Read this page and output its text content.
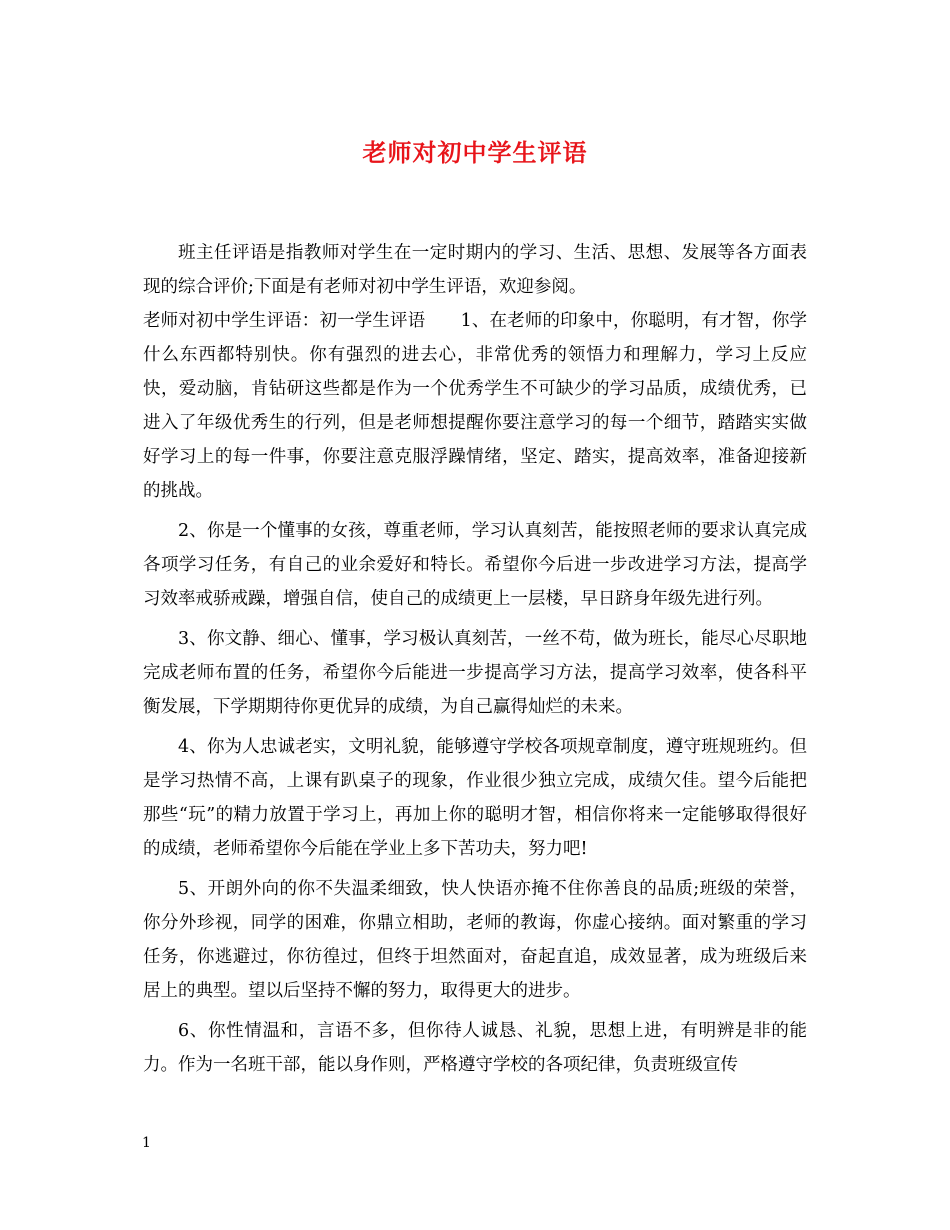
老师对初中学生评语

班主任评语是指教师对学生在一定时期内的学习、生活、思想、发展等各方面表现的综合评价;下面是有老师对初中学生评语，欢迎参阅。

老师对初中学生评语：初一学生评语　　1、在老师的印象中，你聪明，有才智，你学什么东西都特别快。你有强烈的进去心，非常优秀的领悟力和理解力，学习上反应快，爱动脑，肯钻研这些都是作为一个优秀学生不可缺少的学习品质，成绩优秀，已进入了年级优秀生的行列，但是老师想提醒你要注意学习的每一个细节，踏踏实实做好学习上的每一件事，你要注意克服浮躁情绪，坚定、踏实，提高效率，准备迎接新的挑战。

2、你是一个懂事的女孩，尊重老师，学习认真刻苦，能按照老师的要求认真完成各项学习任务，有自己的业余爱好和特长。希望你今后进一步改进学习方法，提高学习效率戒骄戒躁，增强自信，使自己的成绩更上一层楼，早日跻身年级先进行列。

3、你文静、细心、懂事，学习极认真刻苦，一丝不苟，做为班长，能尽心尽职地完成老师布置的任务，希望你今后能进一步提高学习方法，提高学习效率，使各科平衡发展，下学期期待你更优异的成绩，为自己赢得灿烂的未来。

4、你为人忠诚老实，文明礼貌，能够遵守学校各项规章制度，遵守班规班约。但是学习热情不高，上课有趴桌子的现象，作业很少独立完成，成绩欠佳。望今后能把那些“玩”的精力放置于学习上，再加上你的聪明才智，相信你将来一定能够取得很好的成绩，老师希望你今后能在学业上多下苦功夫，努力吧!

5、开朗外向的你不失温柔细致，快人快语亦掩不住你善良的品质;班级的荣誉，你分外珍视，同学的困难，你鼎立相助，老师的教诲，你虚心接纳。面对繁重的学习任务，你逃避过，你彷徨过，但终于坦然面对，奋起直追，成效显著，成为班级后来居上的典型。望以后坚持不懈的努力，取得更大的进步。

6、你性情温和，言语不多，但你待人诚恳、礼貌，思想上进，有明辨是非的能力。作为一名班干部，能以身作则，严格遵守学校的各项纪律，负责班级宣传

1
